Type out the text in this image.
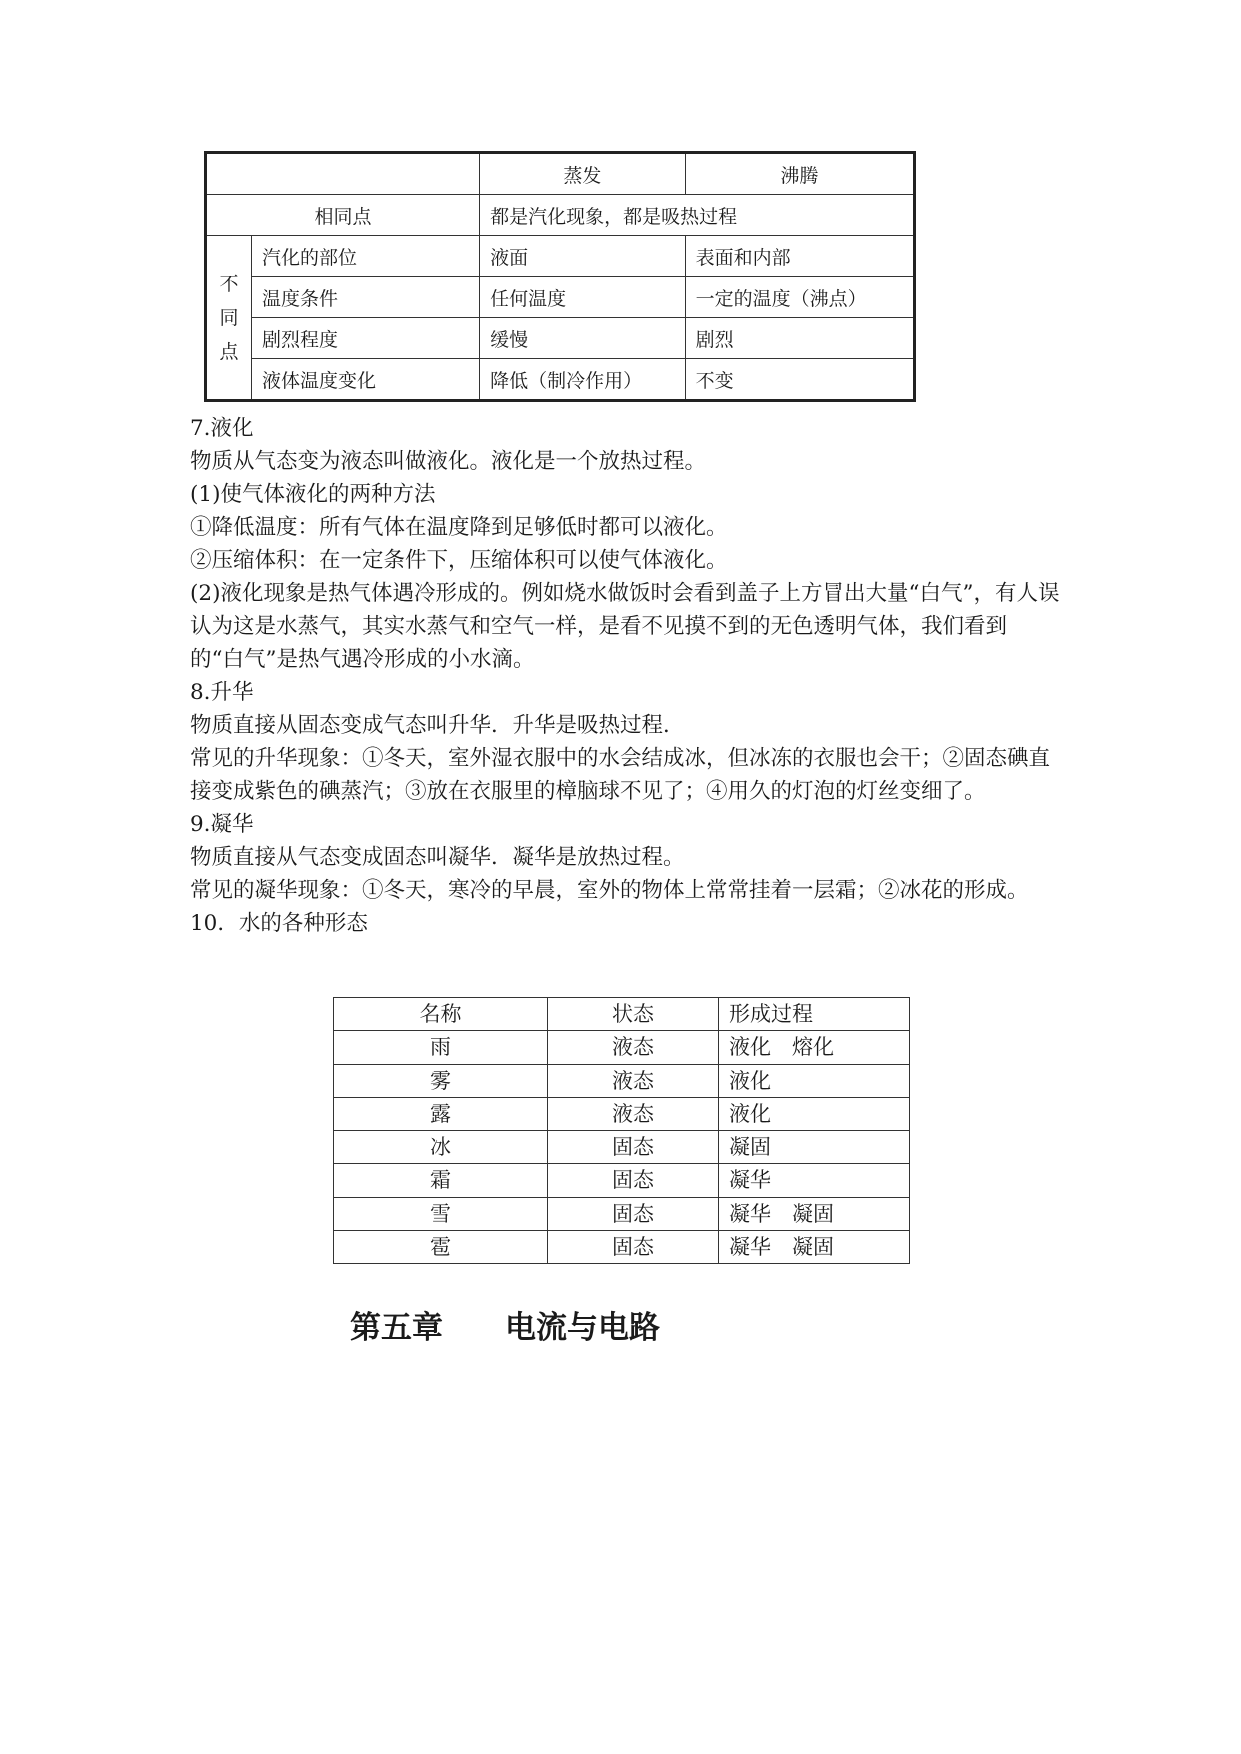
		蒸发	沸腾
相同点		都是汽化现象，都是吸热过程	

不
同
点	汽化的部位	液面	表面和内部
	温度条件	任何温度	一定的温度（沸点）
	剧烈程度	缓慢	剧烈
	液体温度变化	降低（制冷作用）	不变

7.液化

物质从气态变为液态叫做液化。液化是一个放热过程。

(1)使气体液化的两种方法

①降低温度：所有气体在温度降到足够低时都可以液化。

②压缩体积：在一定条件下，压缩体积可以使气体液化。

(2)液化现象是热气体遇冷形成的。例如烧水做饭时会看到盖子上方冒出大量“白气”，有人误认为这是水蒸气，其实水蒸气和空气一样，是看不见摸不到的无色透明气体，我们看到的“白气”是热气遇冷形成的小水滴。

8.升华

物质直接从固态变成气态叫升华．升华是吸热过程．

常见的升华现象：①冬天，室外湿衣服中的水会结成冰，但冰冻的衣服也会干；②固态碘直接变成紫色的碘蒸汽；③放在衣服里的樟脑球不见了；④用久的灯泡的灯丝变细了。

9.凝华

物质直接从气态变成固态叫凝华．凝华是放热过程。

常见的凝华现象：①冬天，寒冷的早晨，室外的物体上常常挂着一层霜；②冰花的形成。

10．水的各种形态

名称	状态	形成过程
雨	液态	液化　熔化
雾	液态	液化
露	液态	液化
冰	固态	凝固
霜	固态	凝华
雪	固态	凝华　凝固
雹	固态	凝华　凝固
第五章　　电流与电路
